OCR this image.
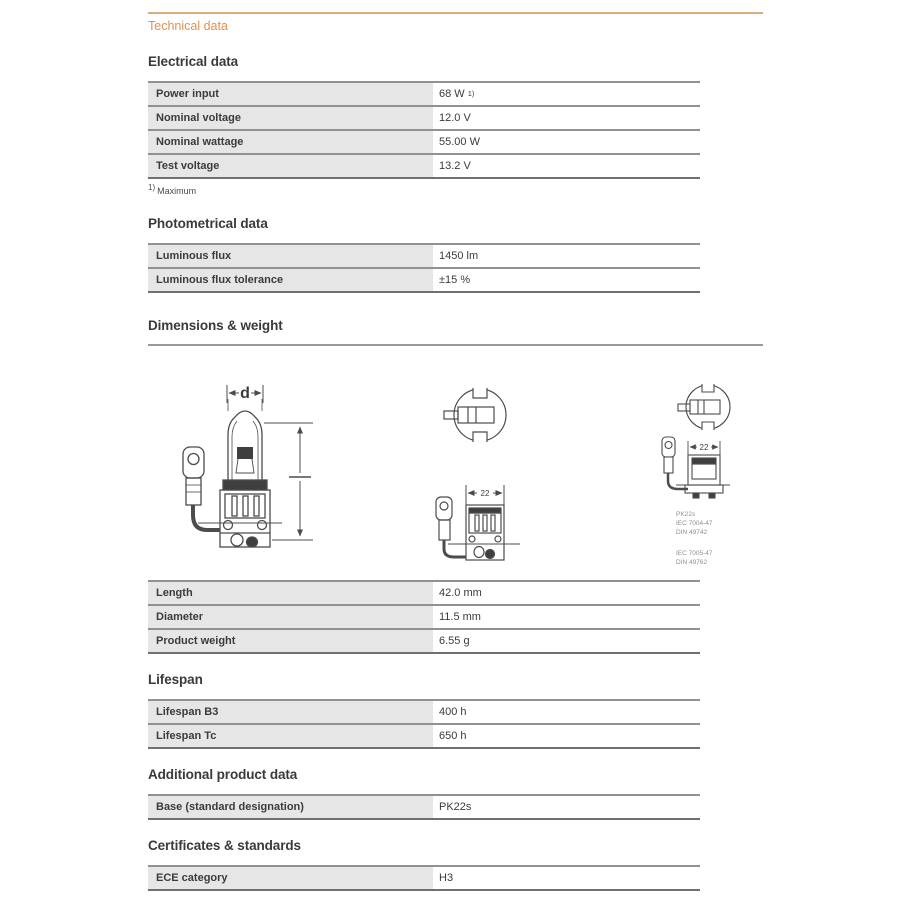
Technical data
Electrical data
Power input	68 W $^{1)}$
Nominal voltage	12.0 V
Nominal wattage	55.00 W
Test voltage	13.2 V
$^{1)}$ Maximum
Photometrical data
Luminous flux	1450 lm
Luminous flux tolerance	±15 %
Dimensions & weight
d
22
22
PK22s
IEC 7004-47
DIN 49742
IEC 7005-47
DIN 49762
Length	42.0 mm
Diameter	11.5 mm
Product weight	6.55 g
Lifespan
Lifespan B3	400 h
Lifespan Tc	650 h
Additional product data
Base (standard designation)	PK22s
Certificates & standards
ECE category	H3
